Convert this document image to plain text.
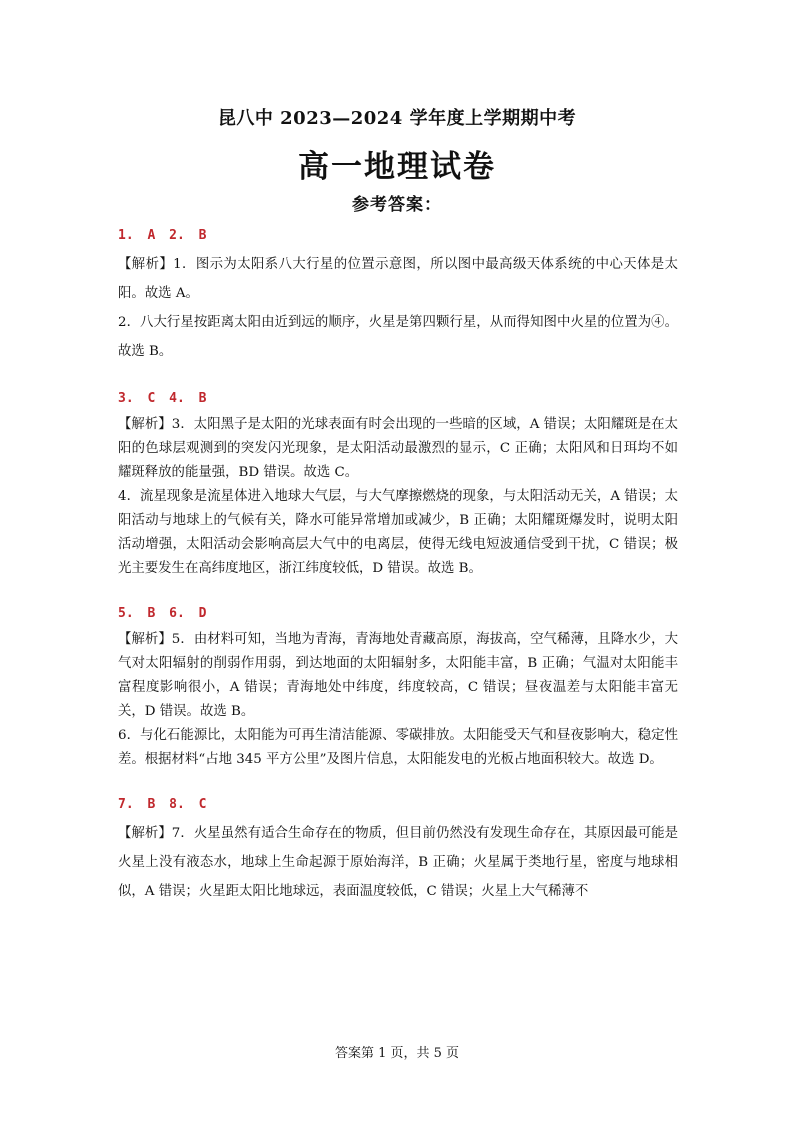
昆八中 2023—2024 学年度上学期期中考
高一地理试卷
参考答案：
1. A 2. B

【解析】1．图示为太阳系八大行星的位置示意图，所以图中最高级天体系统的中心天体是太阳。故选 A。

2．八大行星按距离太阳由近到远的顺序，火星是第四颗行星，从而得知图中火星的位置为④。故选 B。

3. C 4. B

【解析】3．太阳黑子是太阳的光球表面有时会出现的一些暗的区域，A 错误；太阳耀斑是在太阳的色球层观测到的突发闪光现象，是太阳活动最激烈的显示，C 正确；太阳风和日珥均不如耀斑释放的能量强，BD 错误。故选 C。

4．流星现象是流星体进入地球大气层，与大气摩擦燃烧的现象，与太阳活动无关，A 错误；太阳活动与地球上的气候有关，降水可能异常增加或减少，B 正确；太阳耀斑爆发时，说明太阳活动增强，太阳活动会影响高层大气中的电离层，使得无线电短波通信受到干扰，C 错误；极光主要发生在高纬度地区，浙江纬度较低，D 错误。故选 B。

5. B 6. D

【解析】5．由材料可知，当地为青海，青海地处青藏高原，海拔高，空气稀薄，且降水少，大气对太阳辐射的削弱作用弱，到达地面的太阳辐射多，太阳能丰富，B 正确；气温对太阳能丰富程度影响很小，A 错误；青海地处中纬度，纬度较高，C 错误；昼夜温差与太阳能丰富无关，D 错误。故选 B。

6．与化石能源比，太阳能为可再生清洁能源、零碳排放。太阳能受天气和昼夜影响大，稳定性差。根据材料“占地 345 平方公里”及图片信息，太阳能发电的光板占地面积较大。故选 D。

7. B 8. C

【解析】7．火星虽然有适合生命存在的物质，但目前仍然没有发现生命存在，其原因最可能是火星上没有液态水，地球上生命起源于原始海洋，B 正确；火星属于类地行星，密度与地球相似，A 错误；火星距太阳比地球远，表面温度较低，C 错误；火星上大气稀薄不

答案第 1 页，共 5 页
